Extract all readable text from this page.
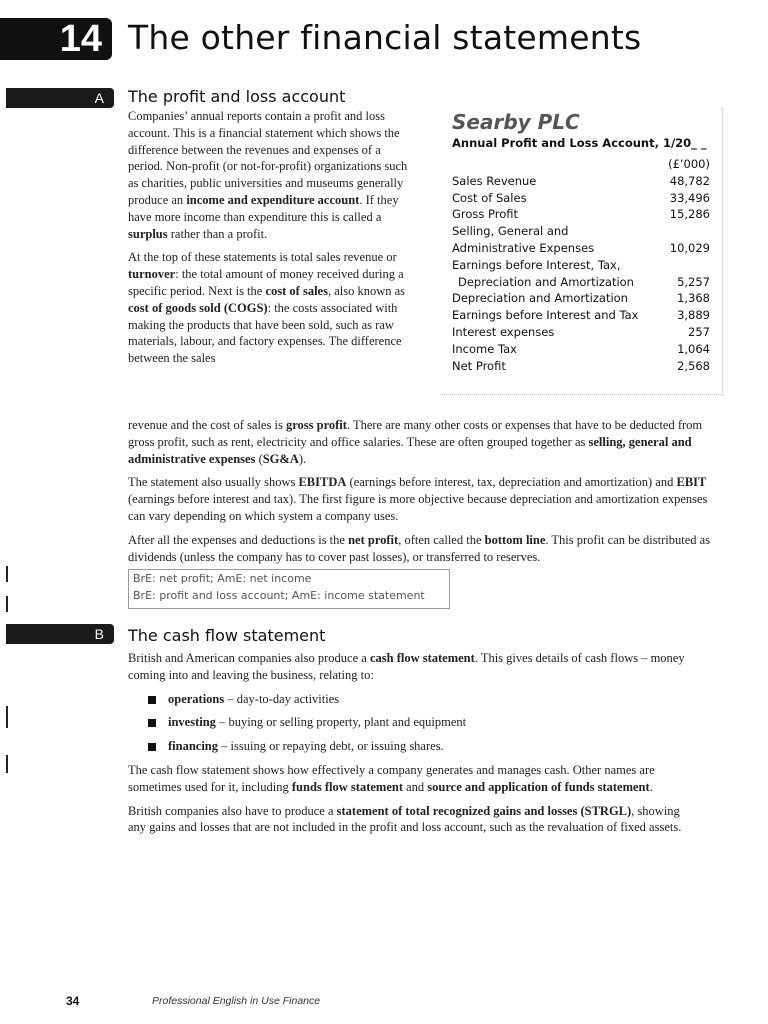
14 The other financial statements
A The profit and loss account

Companies’ annual reports contain a profit and loss account. This is a financial statement which shows the difference between the revenues and expenses of a period. Non-profit (or not-for-profit) organizations such as charities, public universities and museums generally produce an income and expenditure account. If they have more income than expenditure this is called a surplus rather than a profit.

At the top of these statements is total sales revenue or turnover: the total amount of money received during a specific period. Next is the cost of sales, also known as cost of goods sold (COGS): the costs associated with making the products that have been sold, such as raw materials, labour, and factory expenses. The difference between the sales

Searby PLC
Annual Profit and Loss Account, 1/20_ _
	(£’000)
Sales Revenue	48,782
Cost of Sales	33,496
Gross Profit	15,286
Selling, General and	
Administrative Expenses	10,029
Earnings before Interest, Tax,	
Depreciation and Amortization	5,257
Depreciation and Amortization	1,368
Earnings before Interest and Tax	3,889
Interest expenses	257
Income Tax	1,064
Net Profit	2,568

revenue and the cost of sales is gross profit. There are many other costs or expenses that have to be deducted from gross profit, such as rent, electricity and office salaries. These are often grouped together as selling, general and administrative expenses (SG&A).

The statement also usually shows EBITDA (earnings before interest, tax, depreciation and amortization) and EBIT (earnings before interest and tax). The first figure is more objective because depreciation and amortization expenses can vary depending on which system a company uses.

After all the expenses and deductions is the net profit, often called the bottom line. This profit can be distributed as dividends (unless the company has to cover past losses), or transferred to reserves.

BrE: net profit; AmE: net income
BrE: profit and loss account; AmE: income statement
B The cash flow statement

British and American companies also produce a cash flow statement. This gives details of cash flows – money coming into and leaving the business, relating to:

operations – day-to-day activities
investing – buying or selling property, plant and equipment
financing – issuing or repaying debt, or issuing shares.

The cash flow statement shows how effectively a company generates and manages cash. Other names are sometimes used for it, including funds flow statement and source and application of funds statement.

British companies also have to produce a statement of total recognized gains and losses (STRGL), showing any gains and losses that are not included in the profit and loss account, such as the revaluation of fixed assets.

34	Professional English in Use Finance
